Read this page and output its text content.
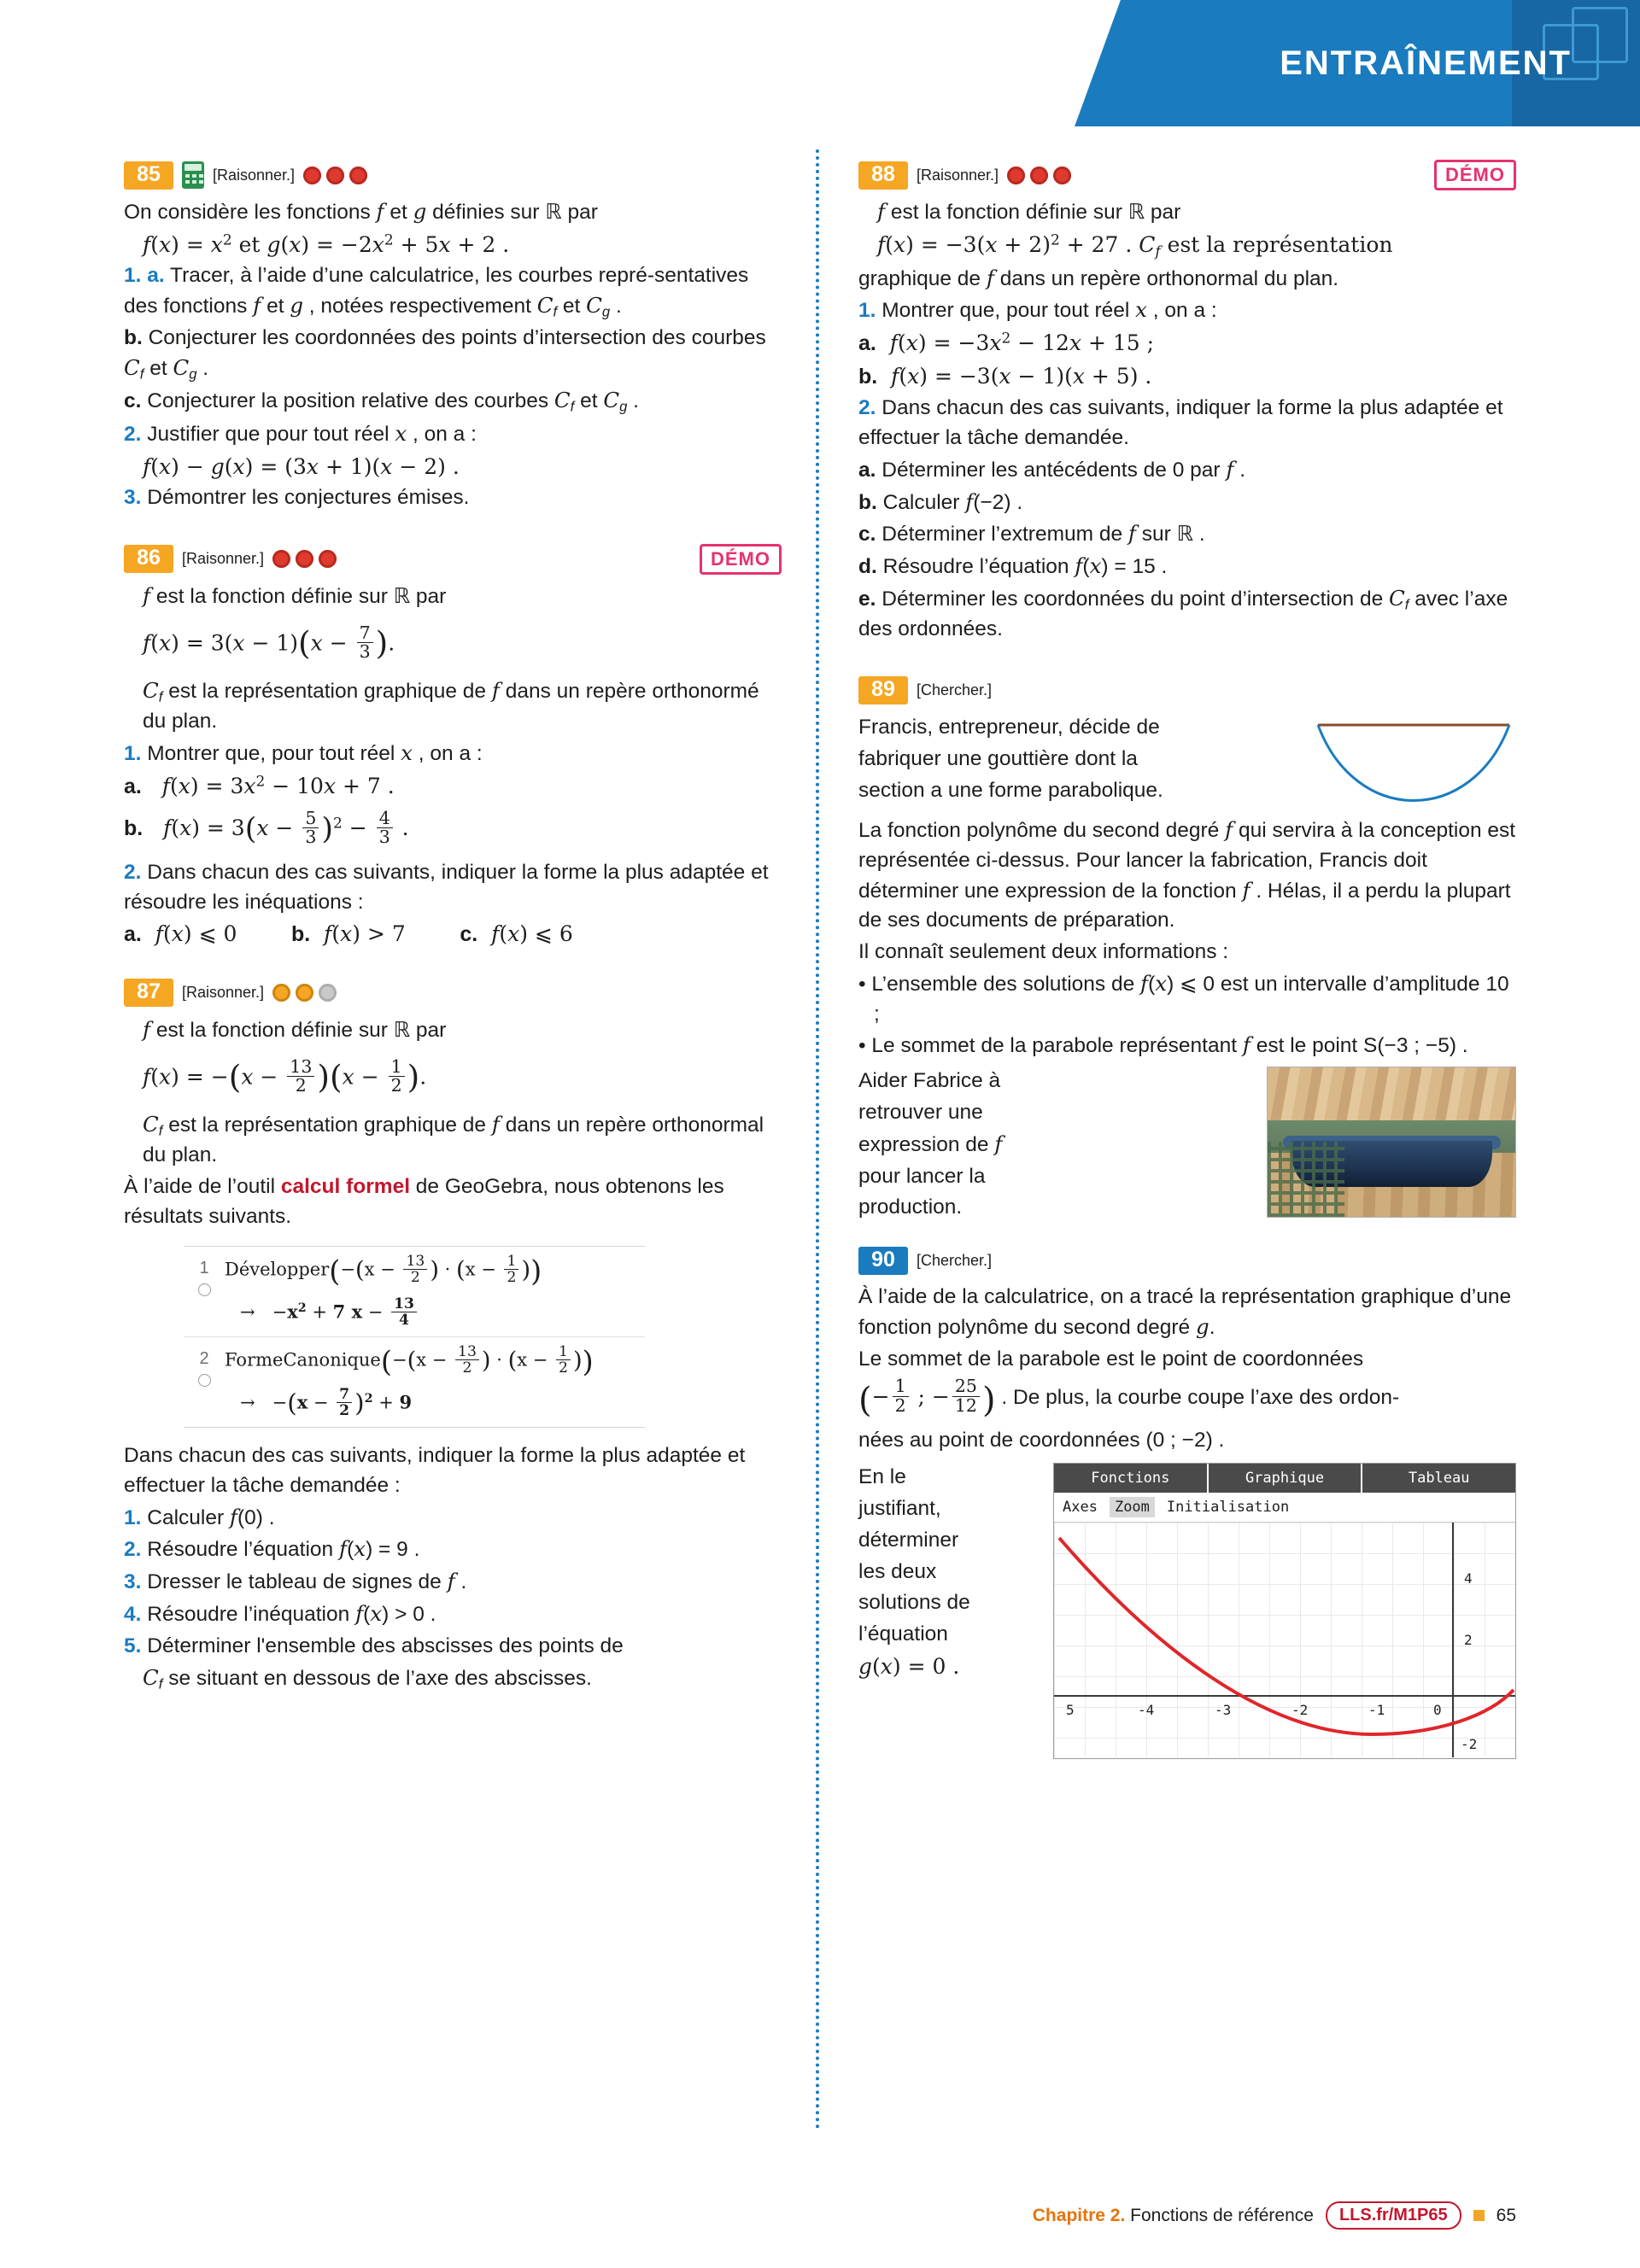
ENTRAÎNEMENT
85	[Raisonner.]

On considère les fonctions f et g définies sur ℝ par

$f(x) = x^2$ et $g(x) = -2x^2 + 5x + 2$ .

1. a. Tracer, à l’aide d’une calculatrice, les courbes repré-sentatives des fonctions f et g , notées respectivement $C_f$ et $C_g$ .

b. Conjecturer les coordonnées des points d’intersection des courbes $C_f$ et $C_g$ .

c. Conjecturer la position relative des courbes $C_f$ et $C_g$ .

2. Justifier que pour tout réel x , on a :

f(x) − g(x) = (3x + 1)(x − 2) .

3. Démontrer les conjectures émises.

86	[Raisonner.]	DÉMO

f est la fonction définie sur ℝ par

$f(x) = 3(x - 1)(x - \frac{7}{3}$ ).

$C_f$ est la représentation graphique de f dans un repère orthonormé du plan.

1. Montrer que, pour tout réel x , on a :

a. $f(x) = 3x^2 - 10x + 7$ .

b. $f(x) = 3(x - \frac{5}{3} )^2 - \frac{4}{3}$ .

2. Dans chacun des cas suivants, indiquer la forme la plus adaptée et résoudre les inéquations :

a. f(x) ⩽ 0        b. f(x) > 7        c. f(x) ⩽ 6

87	[Raisonner.]

f est la fonction définie sur ℝ par

$f(x) = -(x - \frac{13}{2} )(x - \frac{1}{2}$ ).

$C_f$ est la représentation graphique de f dans un repère orthonormal du plan.

À l’aide de l’outil calcul formel de GeoGebra, nous obtenons les résultats suivants.

1 Développer(−(x − $\frac{13}{2}$ ) · ($x - \frac{1}{2}$ ))
→   $-x^2 + 7$ $x - \frac{13}{4}$
2 FormeCanonique(−(x − $\frac{13}{2}$ ) · ($x - \frac{1}{2}$ ))
→   $-(x - \frac{7}{2} )^2 + 9$

Dans chacun des cas suivants, indiquer la forme la plus adaptée et effectuer la tâche demandée :

1. Calculer f(0) .

2. Résoudre l’équation f(x) = 9 .

3. Dresser le tableau de signes de f .

4. Résoudre l’inéquation f(x) > 0 .

5. Déterminer l'ensemble des abscisses des points de

$C_f$ se situant en dessous de l’axe des abscisses.

88	[Raisonner.]	DÉMO

f est la fonction définie sur ℝ par

$f(x) = -3(x + 2)^2 + 27$ . $C_f$ est la représentation

graphique de f dans un repère orthonormal du plan.

1. Montrer que, pour tout réel x , on a :

a. $f(x) = -3x^2 - 12x + 15$ ;

b. f(x) = −3(x − 1)(x + 5) .

2. Dans chacun des cas suivants, indiquer la forme la plus adaptée et effectuer la tâche demandée.

a. Déterminer les antécédents de 0 par f .

b. Calculer f(−2) .

c. Déterminer l’extremum de f sur ℝ .

d. Résoudre l’équation f(x) = 15 .

e. Déterminer les coordonnées du point d’intersection de $C_f$ avec l’axe des ordonnées.

89	[Chercher.]

Francis, entrepreneur, décide de

fabriquer une gouttière dont la

section a une forme parabolique.

La fonction polynôme du second degré f qui servira à la conception est représentée ci-dessus. Pour lancer la fabrication, Francis doit déterminer une expression de la fonction f . Hélas, il a perdu la plupart de ses documents de préparation.

Il connaît seulement deux informations :

• L’ensemble des solutions de f(x) ⩽ 0 est un intervalle d’amplitude 10 ;
• Le sommet de la parabole représentant f est le point S(−3 ; −5) .

Aider Fabrice à

retrouver une

expression de f

pour lancer la

production.

90	[Chercher.]

À l’aide de la calculatrice, on a tracé la représentation graphique d’une fonction polynôme du second degré g.

Le sommet de la parabole est le point de coordonnées

(− $\frac{1}{2}$ ; − $\frac{25}{12}$ ) . De plus, la courbe coupe l’axe des ordon-

nées au point de coordonnées (0 ; −2) .

Fonctions	Graphique	Tableau
Axes	Zoom	Initialisation
5	-4	-3	-2	-1	0
4
2
-2

En le

justifiant,

déterminer

les deux

solutions de

l’équation

g(x) = 0 .

Chapitre 2. Fonctions de référence	LLS.fr/M1P65	65
